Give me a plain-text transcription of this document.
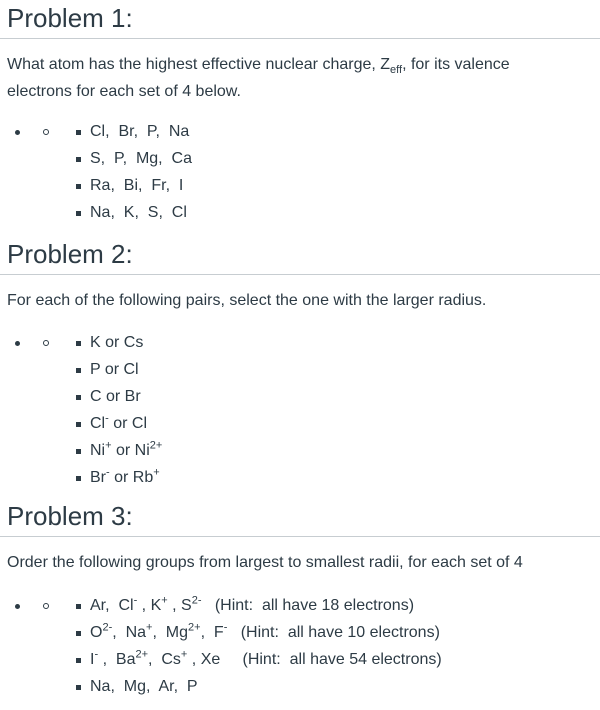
Problem 1:

What atom has the highest effective nuclear charge, $Z_{eff}$, for its valence

electrons for each set of 4 below.

Cl,  Br,  P,  Na

S,  P,  Mg,  Ca

Ra,  Bi,  Fr,  I

Na,  K,  S,  Cl

Problem 2:

For each of the following pairs, select the one with the larger radius.

K or Cs

P or Cl

C or Br

Cl- or Cl

Ni+ or $Ni^{2+}$

Br- or Rb+

Problem 3:

Order the following groups from largest to smallest radii, for each set of 4

Ar,  Cl- , K+ , $S^{2-}$   (Hint:  all have 18 electrons)

$O^{2-}$,  Na+,  $Mg^{2+}$,  F-   (Hint:  all have 10 electrons)

I- ,  $Ba^{2+}$,  Cs+ , Xe     (Hint:  all have 54 electrons)

Na,  Mg,  Ar,  P
